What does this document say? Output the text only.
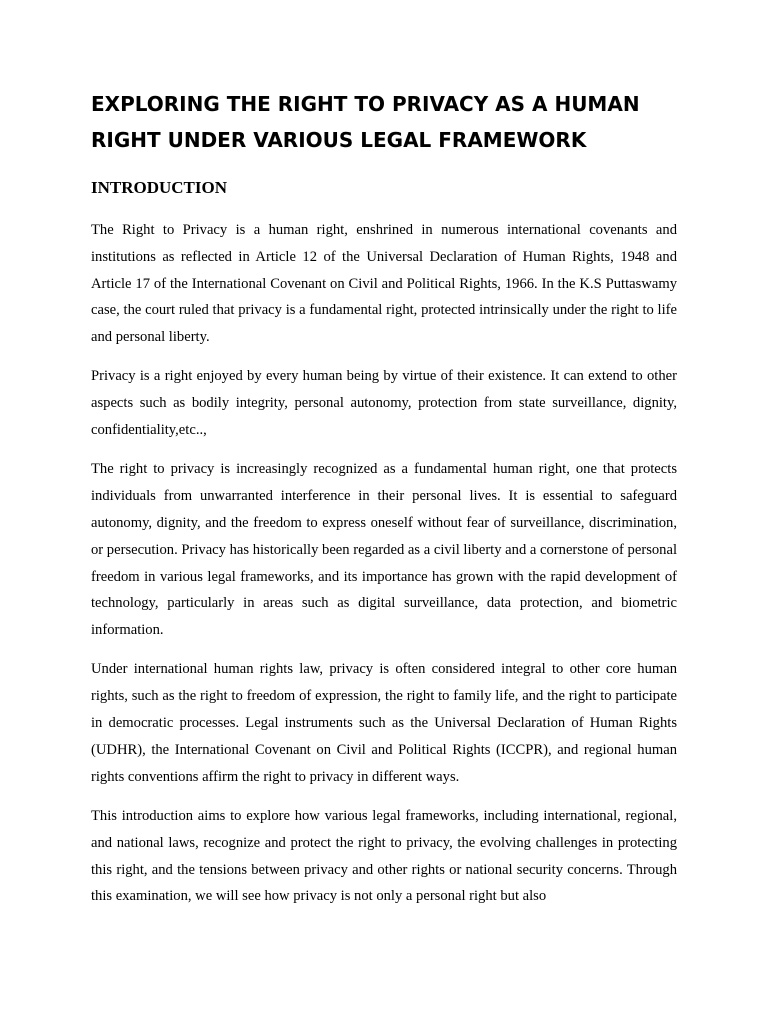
EXPLORING THE RIGHT TO PRIVACY AS A HUMAN RIGHT UNDER VARIOUS LEGAL FRAMEWORK
INTRODUCTION

The Right to Privacy is a human right, enshrined in numerous international covenants and institutions as reflected in Article 12 of the Universal Declaration of Human Rights, 1948 and Article 17 of the International Covenant on Civil and Political Rights, 1966. In the K.S Puttaswamy case, the court ruled that privacy is a fundamental right, protected intrinsically under the right to life and personal liberty.

Privacy is a right enjoyed by every human being by virtue of their existence. It can extend to other aspects such as bodily integrity, personal autonomy, protection from state surveillance, dignity, confidentiality,etc..,

The right to privacy is increasingly recognized as a fundamental human right, one that protects individuals from unwarranted interference in their personal lives. It is essential to safeguard autonomy, dignity, and the freedom to express oneself without fear of surveillance, discrimination, or persecution. Privacy has historically been regarded as a civil liberty and a cornerstone of personal freedom in various legal frameworks, and its importance has grown with the rapid development of technology, particularly in areas such as digital surveillance, data protection, and biometric information.

Under international human rights law, privacy is often considered integral to other core human rights, such as the right to freedom of expression, the right to family life, and the right to participate in democratic processes. Legal instruments such as the Universal Declaration of Human Rights (UDHR), the International Covenant on Civil and Political Rights (ICCPR), and regional human rights conventions affirm the right to privacy in different ways.

This introduction aims to explore how various legal frameworks, including international, regional, and national laws, recognize and protect the right to privacy, the evolving challenges in protecting this right, and the tensions between privacy and other rights or national security concerns. Through this examination, we will see how privacy is not only a personal right but also
